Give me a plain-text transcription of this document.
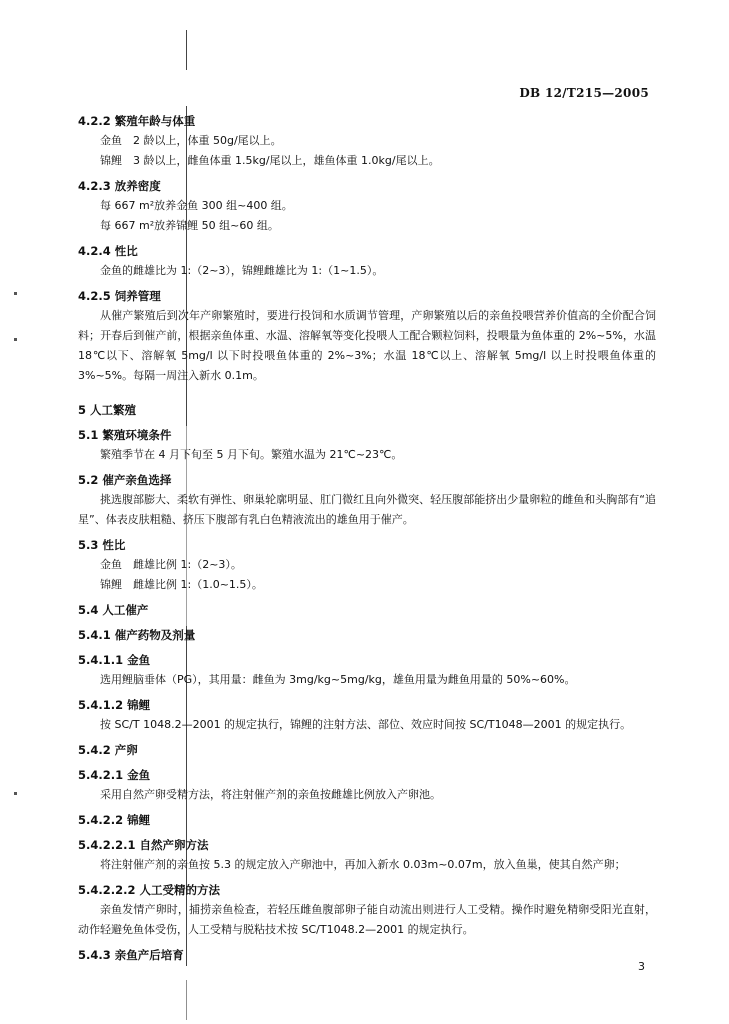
DB 12/T215—2005
4.2.2 繁殖年龄与体重

金鱼　2 龄以上，体重 50g/尾以上。

锦鲤　3 龄以上，雌鱼体重 1.5kg/尾以上，雄鱼体重 1.0kg/尾以上。

4.2.3 放养密度

每 667 m²放养金鱼 300 组~400 组。

每 667 m²放养锦鲤 50 组~60 组。

4.2.4 性比

金鱼的雌雄比为 1:（2~3），锦鲤雌雄比为 1:（1~1.5）。

4.2.5 饲养管理

从催产繁殖后到次年产卵繁殖时，要进行投饲和水质调节管理，产卵繁殖以后的亲鱼投喂营养价值高的全价配合饲料；开春后到催产前，根据亲鱼体重、水温、溶解氧等变化投喂人工配合颗粒饲料，投喂量为鱼体重的 2%~5%，水温 18℃以下、溶解氧 5mg/l 以下时投喂鱼体重的 2%~3%；水温 18℃以上、溶解氧 5mg/l 以上时投喂鱼体重的 3%~5%。每隔一周注入新水 0.1m。

5 人工繁殖
5.1 繁殖环境条件

繁殖季节在 4 月下旬至 5 月下旬。繁殖水温为 21℃~23℃。

5.2 催产亲鱼选择

挑选腹部膨大、柔软有弹性、卵巢轮廓明显、肛门微红且向外微突、轻压腹部能挤出少量卵粒的雌鱼和头胸部有“追星”、体表皮肤粗糙、挤压下腹部有乳白色精液流出的雄鱼用于催产。

5.3 性比

金鱼　雌雄比例 1:（2~3）。

锦鲤　雌雄比例 1:（1.0~1.5）。

5.4 人工催产
5.4.1 催产药物及剂量
5.4.1.1 金鱼

选用鲤脑垂体（PG），其用量：雌鱼为 3mg/kg~5mg/kg，雄鱼用量为雌鱼用量的 50%~60%。

5.4.1.2 锦鲤

按 SC/T 1048.2—2001 的规定执行，锦鲤的注射方法、部位、效应时间按 SC/T1048—2001 的规定执行。

5.4.2 产卵
5.4.2.1 金鱼

采用自然产卵受精方法，将注射催产剂的亲鱼按雌雄比例放入产卵池。

5.4.2.2 锦鲤
5.4.2.2.1 自然产卵方法

将注射催产剂的亲鱼按 5.3 的规定放入产卵池中，再加入新水 0.03m~0.07m，放入鱼巢，使其自然产卵；

5.4.2.2.2 人工受精的方法

亲鱼发情产卵时，捕捞亲鱼检查，若轻压雌鱼腹部卵子能自动流出则进行人工受精。操作时避免精卵受阳光直射，动作轻避免鱼体受伤，人工受精与脱粘技术按 SC/T1048.2—2001 的规定执行。

5.4.3 亲鱼产后培育
3
